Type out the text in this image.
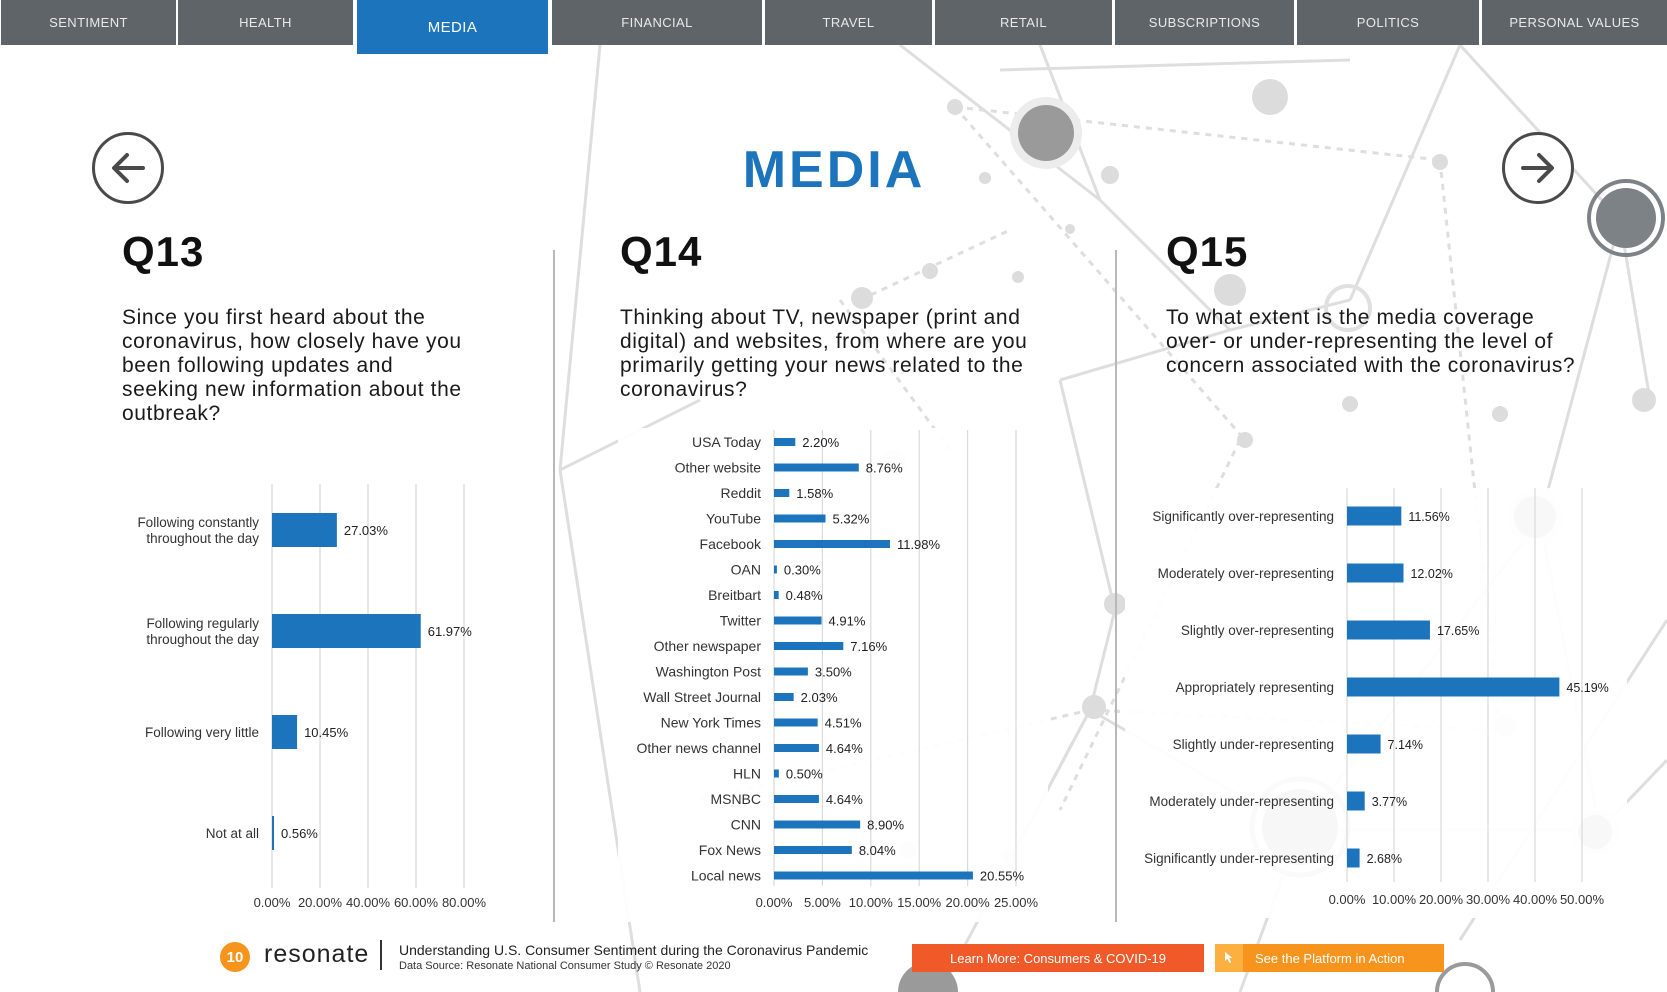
SENTIMENT	HEALTH	MEDIA	FINANCIAL	TRAVEL	RETAIL	SUBSCRIPTIONS	POLITICS	PERSONAL VALUES
MEDIA
Q13
Since you first heard about the coronavirus, how closely have you been following updates and seeking new information about the outbreak?
Q14
Thinking about TV, newspaper (print and digital) and websites, from where are you primarily getting your news related to the coronavirus?
Q15
To what extent is the media coverage over- or under-representing the level of concern associated with the coronavirus?
0.00% 20.00% 40.00% 60.00% 80.00%
Following constantly
throughout the day
27.03%
Following regularly
throughout the day
61.97%
Following very little	10.45%
Not at all 0.56%
0.00% 5.00% 10.00% 15.00% 20.00% 25.00%
USA Today	2.20%
Other website	8.76%
Reddit	1.58%
YouTube	5.32%
Facebook	11.98%
OAN 0.30%
Breitbart 0.48%
Twitter	4.91%
Other newspaper	7.16%
Washington Post	3.50%
Wall Street Journal	2.03%
New York Times	4.51%
Other news channel	4.64%
HLN 0.50%
MSNBC	4.64%
CNN	8.90%
Fox News	8.04%
Local news	20.55%
0.00% 10.00% 20.00% 30.00% 40.00% 50.00%
Significantly over-representing	11.56%
Moderately over-representing	12.02%
Slightly over-representing	17.65%
Appropriately representing	45.19%
Slightly under-representing	7.14%
Moderately under-representing	3.77%
Significantly under-representing	2.68%
10 resonate Understanding U.S. Consumer Sentiment during the Coronavirus Pandemic
Data Source: Resonate National Consumer Study © Resonate 2020
Learn More: Consumers & COVID-19	See the Platform in Action
